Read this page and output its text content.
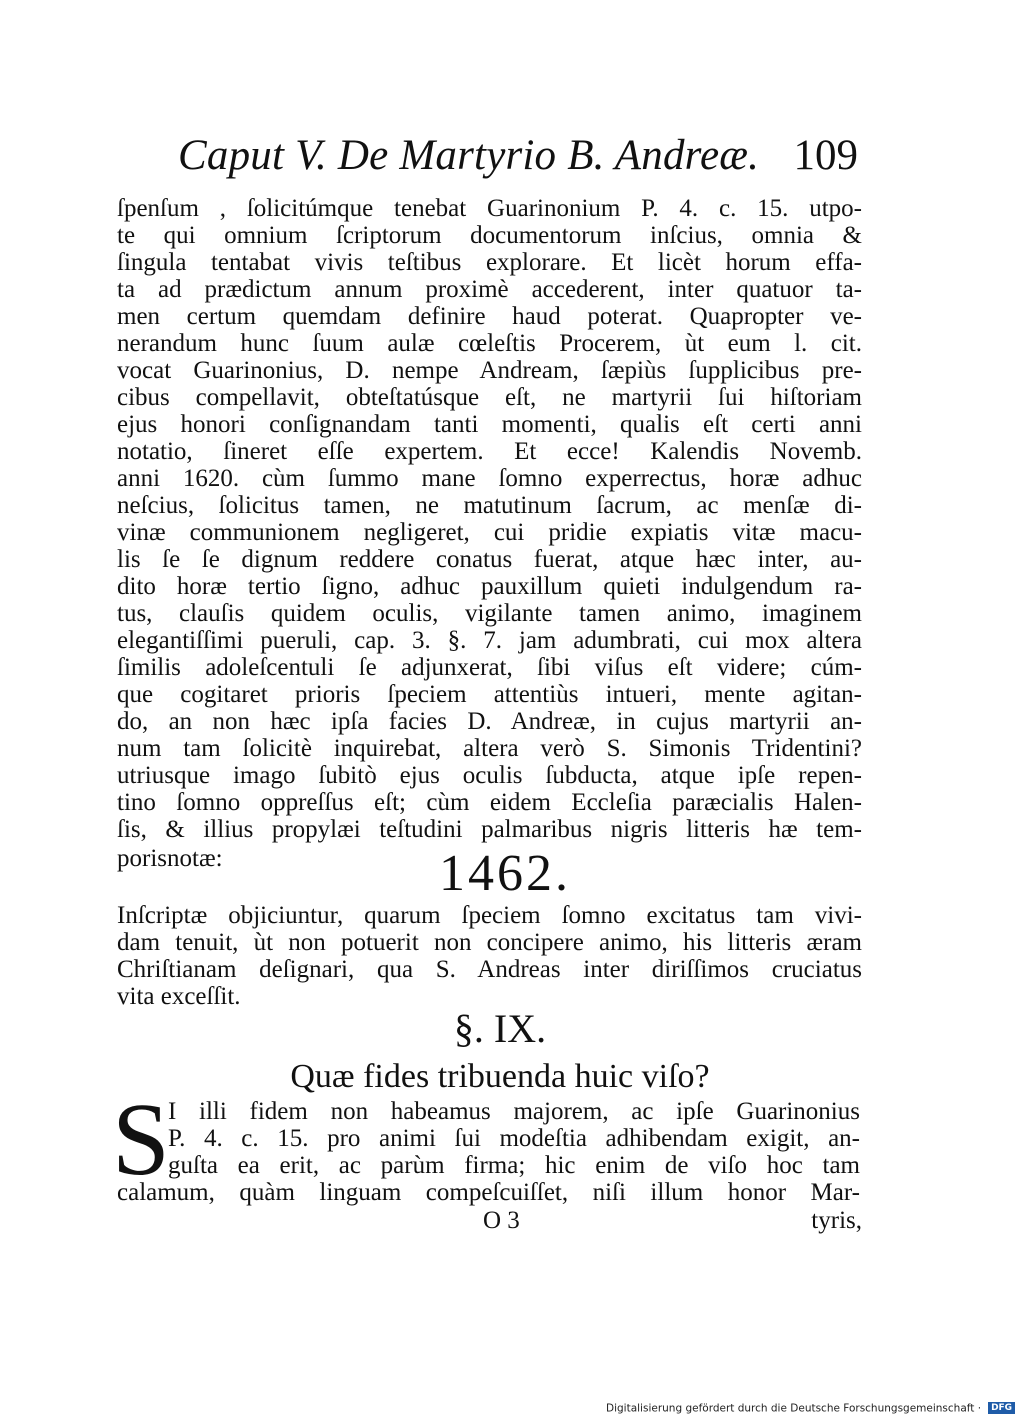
Caput V. De Martyrio B. Andreæ. 109
ſpenſum , ſolicitúmque tenebat Guarinonium P. 4. c. 15. utpo-
te qui omnium ſcriptorum documentorum inſcius, omnia &
ſingula tentabat vivis teſtibus explorare. Et licèt horum effa-
ta ad prædictum annum proximè accederent, inter quatuor ta-
men certum quemdam definire haud poterat. Quapropter ve-
nerandum hunc ſuum aulæ cœleſtis Procerem, ùt eum l. cit.
vocat Guarinonius, D. nempe Andream, ſæpiùs ſupplicibus pre-
cibus compellavit, obteſtatúsque eſt, ne martyrii ſui hiſtoriam
ejus honori conſignandam tanti momenti, qualis eſt certi anni
notatio, ſineret eſſe expertem. Et ecce! Kalendis Novemb.
anni 1620. cùm ſummo mane ſomno experrectus, horæ adhuc
neſcius, ſolicitus tamen, ne matutinum ſacrum, ac menſæ di-
vinæ communionem negligeret, cui pridie expiatis vitæ macu-
lis ſe ſe dignum reddere conatus fuerat, atque hæc inter, au-
dito horæ tertio ſigno, adhuc pauxillum quieti indulgendum ra-
tus, clauſis quidem oculis, vigilante tamen animo, imaginem
elegantiſſimi pueruli, cap. 3. §. 7. jam adumbrati, cui mox altera
ſimilis adoleſcentuli ſe adjunxerat, ſibi viſus eſt videre; cúm-
que cogitaret prioris ſpeciem attentiùs intueri, mente agitan-
do, an non hæc ipſa facies D. Andreæ, in cujus martyrii an-
num tam ſolicitè inquirebat, altera verò S. Simonis Tridentini?
utriusque imago ſubitò ejus oculis ſubducta, atque ipſe repen-
tino ſomno oppreſſus eſt; cùm eidem Eccleſia paræcialis Halen-
ſis, & illius propylæi teſtudini palmaribus nigris litteris hæ tem-
porisnotæ:	1462.
Inſcriptæ objiciuntur, quarum ſpeciem ſomno excitatus tam vivi-
dam tenuit, ùt non potuerit non concipere animo, his litteris æram
Chriſtianam deſignari, qua S. Andreas inter diriſſimos cruciatus
vita exceſſit.
§. IX.
Quæ fides tribuenda huic viſo?
S
I illi fidem non habeamus majorem, ac ipſe Guarinonius
P. 4. c. 15. pro animi ſui modeſtia adhibendam exigit, an-
guſta ea erit, ac parùm firma; hic enim de viſo hoc tam
calamum, quàm linguam compeſcuiſſet, niſi illum honor Mar-
O 3	tyris,
Digitalisierung gefördert durch die Deutsche Forschungsgemeinschaft · DFG
